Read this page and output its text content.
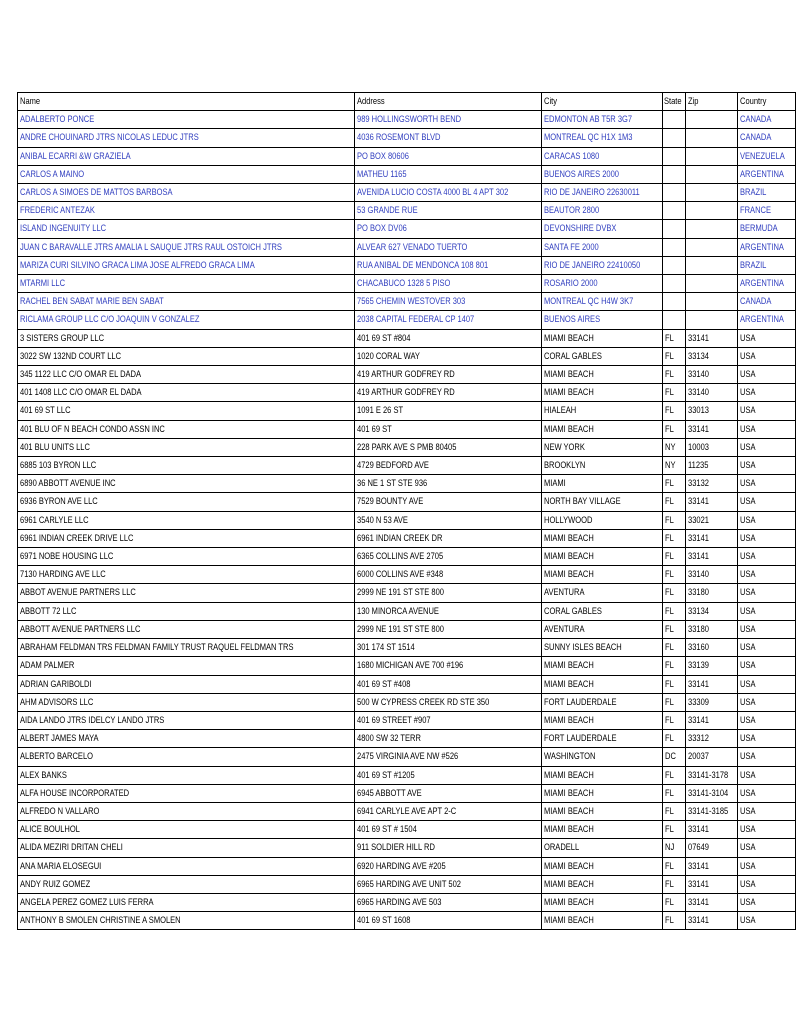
Name	Address	City	State	Zip	Country
ADALBERTO PONCE	989 HOLLINGSWORTH BEND	EDMONTON AB T5R 3G7			CANADA
ANDRE CHOUINARD JTRS NICOLAS LEDUC JTRS	4036 ROSEMONT BLVD	MONTREAL QC H1X 1M3			CANADA
ANIBAL ECARRI &W GRAZIELA	PO BOX 80606	CARACAS 1080			VENEZUELA
CARLOS A MAINO	MATHEU 1165	BUENOS AIRES 2000			ARGENTINA
CARLOS A SIMOES DE MATTOS BARBOSA	AVENIDA LUCIO COSTA 4000 BL 4 APT 302	RIO DE JANEIRO 22630011			BRAZIL
FREDERIC ANTEZAK	53 GRANDE RUE	BEAUTOR 2800			FRANCE
ISLAND INGENUITY LLC	PO BOX DV06	DEVONSHIRE DVBX			BERMUDA
JUAN C BARAVALLE JTRS AMALIA L SAUQUE JTRS RAUL OSTOICH JTRS	ALVEAR 627 VENADO TUERTO	SANTA FE 2000			ARGENTINA
MARIZA CURI SILVINO GRACA LIMA JOSE ALFREDO GRACA LIMA	RUA ANIBAL DE MENDONCA 108 801	RIO DE JANEIRO 22410050			BRAZIL
MTARMI LLC	CHACABUCO 1328 5 PISO	ROSARIO 2000			ARGENTINA
RACHEL BEN SABAT MARIE BEN SABAT	7565 CHEMIN WESTOVER 303	MONTREAL QC H4W 3K7			CANADA
RICLAMA GROUP LLC C/O JOAQUIN V GONZALEZ	2038 CAPITAL FEDERAL CP 1407	BUENOS AIRES			ARGENTINA
3 SISTERS GROUP LLC	401 69 ST #804	MIAMI BEACH	FL	33141	USA
3022 SW 132ND COURT LLC	1020 CORAL WAY	CORAL GABLES	FL	33134	USA
345 1122 LLC C/O OMAR EL DADA	419 ARTHUR GODFREY RD	MIAMI BEACH	FL	33140	USA
401 1408 LLC C/O OMAR EL DADA	419 ARTHUR GODFREY RD	MIAMI BEACH	FL	33140	USA
401 69 ST LLC	1091 E 26 ST	HIALEAH	FL	33013	USA
401 BLU OF N BEACH CONDO ASSN INC	401 69 ST	MIAMI BEACH	FL	33141	USA
401 BLU UNITS LLC	228 PARK AVE S PMB 80405	NEW YORK	NY	10003	USA
6885 103 BYRON LLC	4729 BEDFORD AVE	BROOKLYN	NY	11235	USA
6890 ABBOTT AVENUE INC	36 NE 1 ST STE 936	MIAMI	FL	33132	USA
6936 BYRON AVE LLC	7529 BOUNTY AVE	NORTH BAY VILLAGE	FL	33141	USA
6961 CARLYLE LLC	3540 N 53 AVE	HOLLYWOOD	FL	33021	USA
6961 INDIAN CREEK DRIVE LLC	6961 INDIAN CREEK DR	MIAMI BEACH	FL	33141	USA
6971 NOBE HOUSING LLC	6365 COLLINS AVE 2705	MIAMI BEACH	FL	33141	USA
7130 HARDING AVE LLC	6000 COLLINS AVE #348	MIAMI BEACH	FL	33140	USA
ABBOT AVENUE PARTNERS LLC	2999 NE 191 ST STE 800	AVENTURA	FL	33180	USA
ABBOTT 72 LLC	130 MINORCA AVENUE	CORAL GABLES	FL	33134	USA
ABBOTT AVENUE PARTNERS LLC	2999 NE 191 ST STE 800	AVENTURA	FL	33180	USA
ABRAHAM FELDMAN TRS FELDMAN FAMILY TRUST RAQUEL FELDMAN TRS	301 174 ST 1514	SUNNY ISLES BEACH	FL	33160	USA
ADAM PALMER	1680 MICHIGAN AVE 700 #196	MIAMI BEACH	FL	33139	USA
ADRIAN GARIBOLDI	401 69 ST #408	MIAMI BEACH	FL	33141	USA
AHM ADVISORS LLC	500 W CYPRESS CREEK RD STE 350	FORT LAUDERDALE	FL	33309	USA
AIDA LANDO JTRS IDELCY LANDO JTRS	401 69 STREET #907	MIAMI BEACH	FL	33141	USA
ALBERT JAMES MAYA	4800 SW 32 TERR	FORT LAUDERDALE	FL	33312	USA
ALBERTO BARCELO	2475 VIRGINIA AVE NW #526	WASHINGTON	DC	20037	USA
ALEX BANKS	401 69 ST #1205	MIAMI BEACH	FL	33141-3178	USA
ALFA HOUSE INCORPORATED	6945 ABBOTT AVE	MIAMI BEACH	FL	33141-3104	USA
ALFREDO N VALLARO	6941 CARLYLE AVE APT 2-C	MIAMI BEACH	FL	33141-3185	USA
ALICE BOULHOL	401 69 ST # 1504	MIAMI BEACH	FL	33141	USA
ALIDA MEZIRI DRITAN CHELI	911 SOLDIER HILL RD	ORADELL	NJ	07649	USA
ANA MARIA ELOSEGUI	6920 HARDING AVE #205	MIAMI BEACH	FL	33141	USA
ANDY RUIZ GOMEZ	6965 HARDING AVE UNIT 502	MIAMI BEACH	FL	33141	USA
ANGELA PEREZ GOMEZ LUIS FERRA	6965 HARDING AVE 503	MIAMI BEACH	FL	33141	USA
ANTHONY B SMOLEN CHRISTINE A SMOLEN	401 69 ST 1608	MIAMI BEACH	FL	33141	USA
